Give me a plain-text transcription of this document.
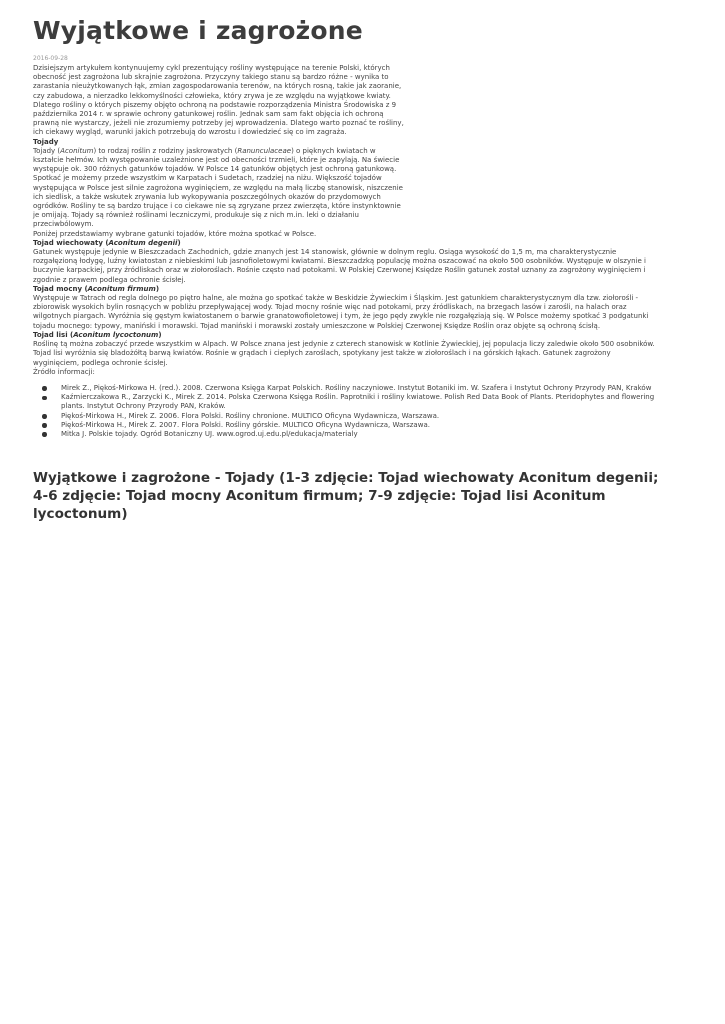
Wyjątkowe i zagrożone
2016-09-28

Dzisiejszym artykułem kontynuujemy cykl prezentujący rośliny występujące na terenie Polski, których obecność jest zagrożona lub skrajnie zagrożona. Przyczyny takiego stanu są bardzo różne - wynika to zarastania nieużytkowanych łąk, zmian zagospodarowania terenów, na których rosną, takie jak zaoranie, czy zabudowa, a nierzadko lekkomyślności człowieka, który zrywa je ze względu na wyjątkowe kwiaty. Dlatego rośliny o których piszemy objęto ochroną na podstawie rozporządzenia Ministra Środowiska z 9 października 2014 r. w sprawie ochrony gatunkowej roślin. Jednak sam sam fakt objęcia ich ochroną prawną nie wystarczy, jeżeli nie zrozumiemy potrzeby jej wprowadzenia. Dlatego warto poznać te rośliny, ich ciekawy wygląd, warunki jakich potrzebują do wzrostu i dowiedzieć się co im zagraża.

Tojady

Tojady (Aconitum) to rodzaj roślin z rodziny jaskrowatych (Ranunculaceae) o pięknych kwiatach w kształcie hełmów. Ich występowanie uzależnione jest od obecności trzmieli, które je zapylają. Na świecie występuje ok. 300 różnych gatunków tojadów. W Polsce 14 gatunków objętych jest ochroną gatunkową. Spotkać je możemy przede wszystkim w Karpatach i Sudetach, rzadziej na niżu. Większość tojadów występująca w Polsce jest silnie zagrożona wyginięciem, ze względu na małą liczbę stanowisk, niszczenie ich siedlisk, a także wskutek zrywania lub wykopywania poszczególnych okazów do przydomowych ogródków. Rośliny te są bardzo trujące i co ciekawe nie są zgryzane przez zwierzęta, które instynktownie je omijają. Tojady są również roślinami leczniczymi, produkuje się z nich m.in. leki o działaniu przeciwbólowym.

Poniżej przedstawiamy wybrane gatunki tojadów, które można spotkać w Polsce.

Tojad wiechowaty (Aconitum degenii)

Gatunek występuje jedynie w Bieszczadach Zachodnich, gdzie znanych jest 14 stanowisk, głównie w dolnym reglu. Osiąga wysokość do 1,5 m, ma charakterystycznie rozgałęzioną łodygę, luźny kwiatostan z niebieskimi lub jasnofioletowymi kwiatami. Bieszczadzką populację można oszacować na około 500 osobników. Występuje w olszynie i buczynie karpackiej, przy źródliskach oraz w ziołoroślach. Rośnie często nad potokami. W Polskiej Czerwonej Księdze Roślin gatunek został uznany za zagrożony wyginięciem i zgodnie z prawem podlega ochronie ścisłej.

Tojad mocny (Aconitum firmum)

Występuje w Tatrach od regla dolnego po piętro halne, ale można go spotkać także w Beskidzie Żywieckim i Śląskim. Jest gatunkiem charakterystycznym dla tzw. ziołorośli - zbiorowisk wysokich bylin rosnących w pobliżu przepływającej wody. Tojad mocny rośnie więc nad potokami, przy źródliskach, na brzegach lasów i zarośli, na halach oraz wilgotnych piargach. Wyróżnia się gęstym kwiatostanem o barwie granatowofioletowej i tym, że jego pędy zwykle nie rozgałęziają się. W Polsce możemy spotkać 3 podgatunki tojadu mocnego: typowy, maniński i morawski. Tojad maniński i morawski zostały umieszczone w Polskiej Czerwonej Księdze Roślin oraz objęte są ochroną ścisłą.

Tojad lisi (Aconitum lycoctonum)

Roślinę tą można zobaczyć przede wszystkim w Alpach. W Polsce znana jest jedynie z czterech stanowisk w Kotlinie Żywieckiej, jej populacja liczy zaledwie około 500 osobników. Tojad lisi wyróżnia się bladożółtą barwą kwiatów. Rośnie w grądach i ciepłych zaroślach, spotykany jest także w ziołoroślach i na górskich łąkach. Gatunek zagrożony wyginięciem, podlega ochronie ścisłej.

Źródło informacji:

Mirek Z., Piękoś-Mirkowa H. (red.). 2008. Czerwona Księga Karpat Polskich. Rośliny naczyniowe. Instytut Botaniki im. W. Szafera i Instytut Ochrony Przyrody PAN, Kraków
Kaźmierczakowa R., Zarzycki K., Mirek Z. 2014. Polska Czerwona Księga Roślin. Paprotniki i rośliny kwiatowe. Polish Red Data Book of Plants. Pteridophytes and flowering plants. Instytut Ochrony Przyrody PAN, Kraków.
Piękoś-Mirkowa H., Mirek Z. 2006. Flora Polski. Rośliny chronione. MULTICO Oficyna Wydawnicza, Warszawa.
Piękoś-Mirkowa H., Mirek Z. 2007. Flora Polski. Rośliny górskie. MULTICO Oficyna Wydawnicza, Warszawa.
Mitka J. Polskie tojady. Ogród Botaniczny UJ. www.ogrod.uj.edu.pl/edukacja/materialy
Wyjątkowe i zagrożone - Tojady (1-3 zdjęcie: Tojad wiechowaty Aconitum degenii; 4-6 zdjęcie: Tojad mocny Aconitum firmum; 7-9 zdjęcie: Tojad lisi Aconitum lycoctonum)
